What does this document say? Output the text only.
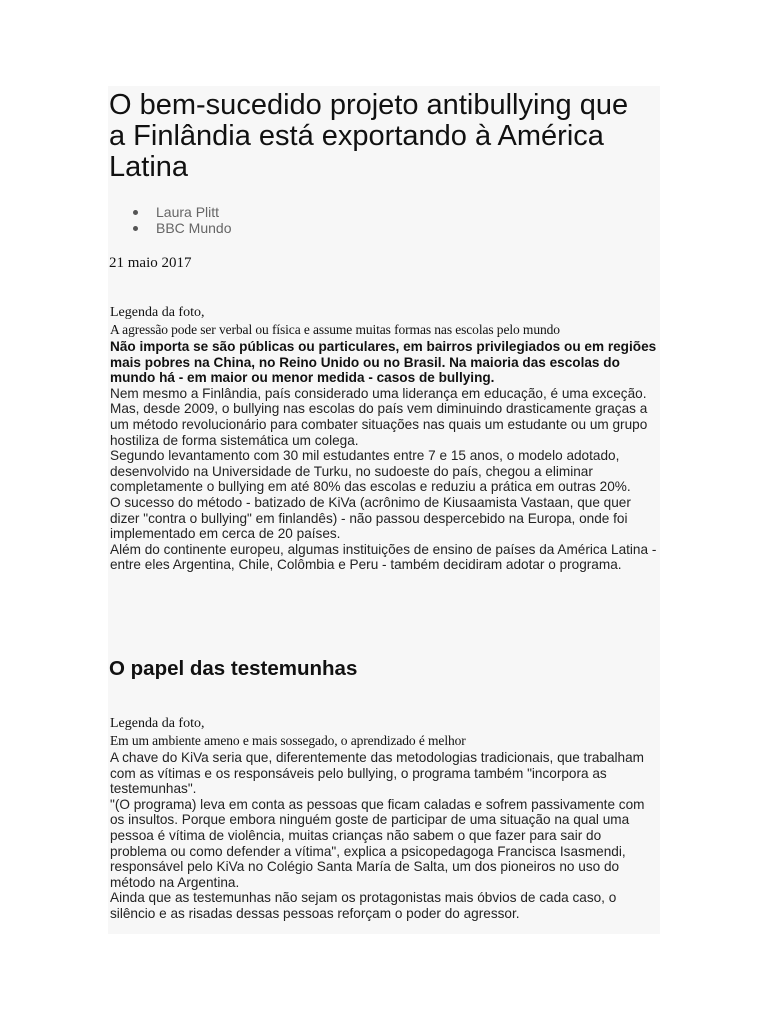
O bem-sucedido projeto antibullying que a Finlândia está exportando à América Latina
Laura Plitt
BBC Mundo
21 maio 2017
Legenda da foto,
A agressão pode ser verbal ou física e assume muitas formas nas escolas pelo mundo

Não importa se são públicas ou particulares, em bairros privilegiados ou em regiões mais pobres na China, no Reino Unido ou no Brasil. Na maioria das escolas do mundo há - em maior ou menor medida - casos de bullying.

Nem mesmo a Finlândia, país considerado uma liderança em educação, é uma exceção.

Mas, desde 2009, o bullying nas escolas do país vem diminuindo drasticamente graças a um método revolucionário para combater situações nas quais um estudante ou um grupo hostiliza de forma sistemática um colega.

Segundo levantamento com 30 mil estudantes entre 7 e 15 anos, o modelo adotado, desenvolvido na Universidade de Turku, no sudoeste do país, chegou a eliminar completamente o bullying em até 80% das escolas e reduziu a prática em outras 20%.

O sucesso do método - batizado de KiVa (acrônimo de Kiusaamista Vastaan, que quer dizer "contra o bullying" em finlandês) - não passou despercebido na Europa, onde foi implementado em cerca de 20 países.

Além do continente europeu, algumas instituições de ensino de países da América Latina - entre eles Argentina, Chile, Colômbia e Peru - também decidiram adotar o programa.

O papel das testemunhas
Legenda da foto,
Em um ambiente ameno e mais sossegado, o aprendizado é melhor

A chave do KiVa seria que, diferentemente das metodologias tradicionais, que trabalham com as vítimas e os responsáveis pelo bullying, o programa também "incorpora as testemunhas".

"(O programa) leva em conta as pessoas que ficam caladas e sofrem passivamente com os insultos. Porque embora ninguém goste de participar de uma situação na qual uma pessoa é vítima de violência, muitas crianças não sabem o que fazer para sair do problema ou como defender a vítima", explica a psicopedagoga Francisca Isasmendi, responsável pelo KiVa no Colégio Santa María de Salta, um dos pioneiros no uso do método na Argentina.

Ainda que as testemunhas não sejam os protagonistas mais óbvios de cada caso, o silêncio e as risadas dessas pessoas reforçam o poder do agressor.
